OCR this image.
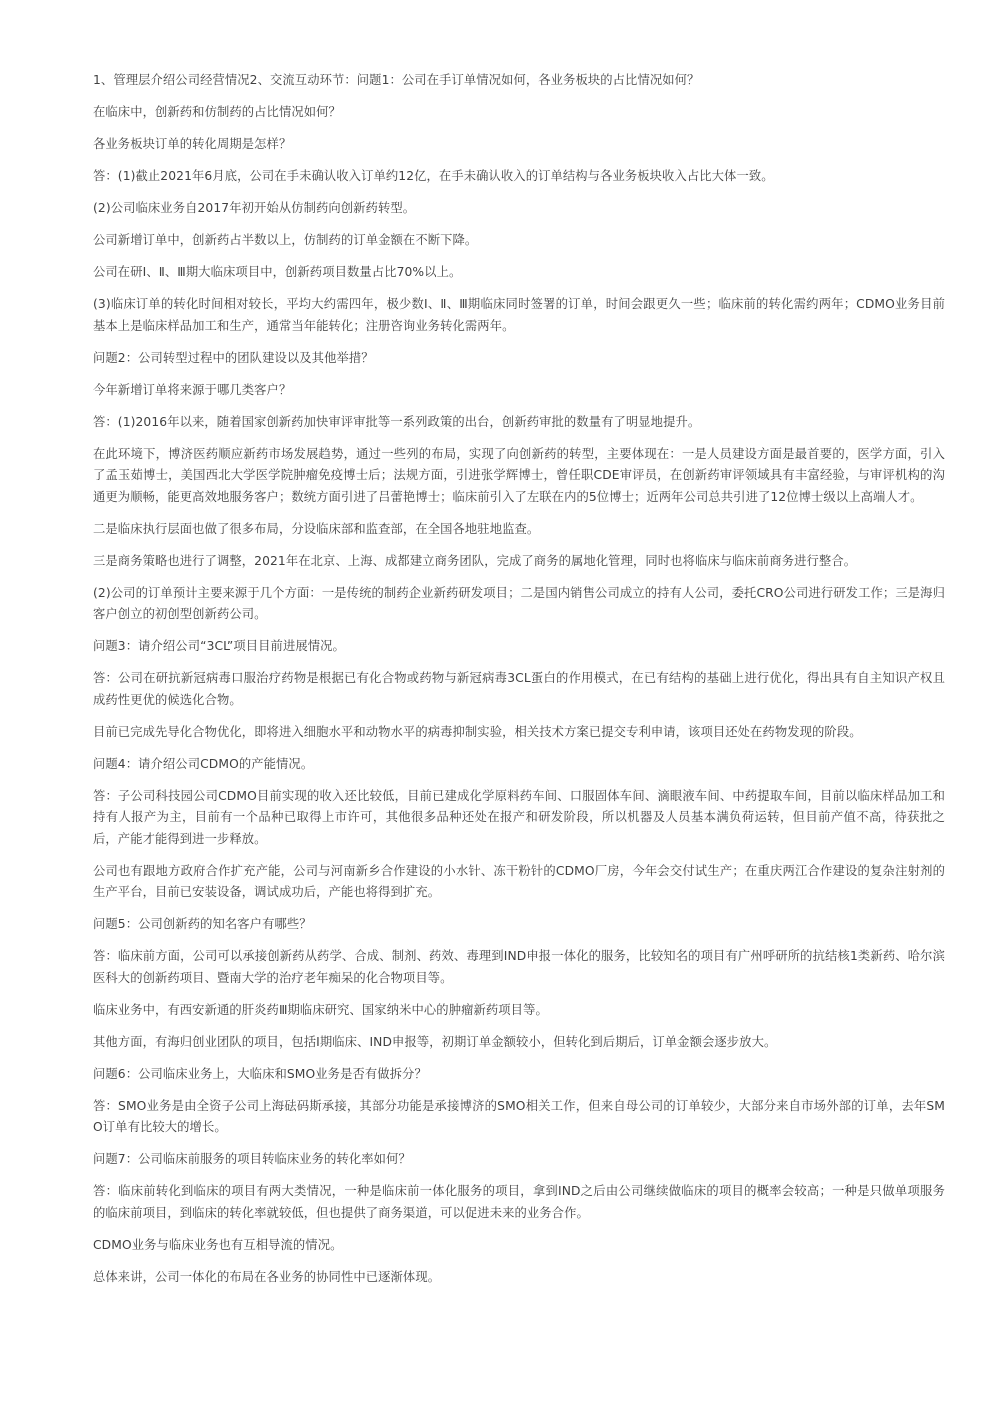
1、管理层介绍公司经营情况2、交流互动环节：问题1：公司在手订单情况如何，各业务板块的占比情况如何？

在临床中，创新药和仿制药的占比情况如何？

各业务板块订单的转化周期是怎样？

答：(1)截止2021年6月底，公司在手未确认收入订单约12亿，在手未确认收入的订单结构与各业务板块收入占比大体一致。

(2)公司临床业务自2017年初开始从仿制药向创新药转型。

公司新增订单中，创新药占半数以上，仿制药的订单金额在不断下降。

公司在研Ⅰ、Ⅱ、Ⅲ期大临床项目中，创新药项目数量占比70%以上。

(3)临床订单的转化时间相对较长，平均大约需四年，极少数Ⅰ、Ⅱ、Ⅲ期临床同时签署的订单，时间会跟更久一些；临床前的转化需约两年；CDMO业务目前基本上是临床样品加工和生产，通常当年能转化；注册咨询业务转化需两年。

问题2：公司转型过程中的团队建设以及其他举措？

今年新增订单将来源于哪几类客户？

答：(1)2016年以来，随着国家创新药加快审评审批等一系列政策的出台，创新药审批的数量有了明显地提升。

在此环境下，博济医药顺应新药市场发展趋势，通过一些列的布局，实现了向创新药的转型，主要体现在：一是人员建设方面是最首要的，医学方面，引入了孟玉茹博士，美国西北大学医学院肿瘤免疫博士后；法规方面，引进张学辉博士，曾任职CDE审评员，在创新药审评领域具有丰富经验，与审评机构的沟通更为顺畅，能更高效地服务客户；数统方面引进了吕蕾艳博士；临床前引入了左联在内的5位博士；近两年公司总共引进了12位博士级以上高端人才。

二是临床执行层面也做了很多布局，分设临床部和监查部，在全国各地驻地监查。

三是商务策略也进行了调整，2021年在北京、上海、成都建立商务团队，完成了商务的属地化管理，同时也将临床与临床前商务进行整合。

(2)公司的订单预计主要来源于几个方面：一是传统的制药企业新药研发项目；二是国内销售公司成立的持有人公司，委托CRO公司进行研发工作；三是海归客户创立的初创型创新药公司。

问题3：请介绍公司“3CL”项目目前进展情况。

答：公司在研抗新冠病毒口服治疗药物是根据已有化合物或药物与新冠病毒3CL蛋白的作用模式，在已有结构的基础上进行优化，得出具有自主知识产权且成药性更优的候选化合物。

目前已完成先导化合物优化，即将进入细胞水平和动物水平的病毒抑制实验，相关技术方案已提交专利申请，该项目还处在药物发现的阶段。

问题4：请介绍公司CDMO的产能情况。

答：子公司科技园公司CDMO目前实现的收入还比较低，目前已建成化学原料药车间、口服固体车间、滴眼液车间、中药提取车间，目前以临床样品加工和持有人报产为主，目前有一个品种已取得上市许可，其他很多品种还处在报产和研发阶段，所以机器及人员基本满负荷运转，但目前产值不高，待获批之后，产能才能得到进一步释放。

公司也有跟地方政府合作扩充产能，公司与河南新乡合作建设的小水针、冻干粉针的CDMO厂房，今年会交付试生产；在重庆两江合作建设的复杂注射剂的生产平台，目前已安装设备，调试成功后，产能也将得到扩充。

问题5：公司创新药的知名客户有哪些？

答：临床前方面，公司可以承接创新药从药学、合成、制剂、药效、毒理到IND申报一体化的服务，比较知名的项目有广州呼研所的抗结核1类新药、哈尔滨医科大的创新药项目、暨南大学的治疗老年痴呆的化合物项目等。

临床业务中，有西安新通的肝炎药Ⅲ期临床研究、国家纳米中心的肿瘤新药项目等。

其他方面，有海归创业团队的项目，包括Ⅰ期临床、IND申报等，初期订单金额较小，但转化到后期后，订单金额会逐步放大。

问题6：公司临床业务上，大临床和SMO业务是否有做拆分？

答：SMO业务是由全资子公司上海砝码斯承接，其部分功能是承接博济的SMO相关工作，但来自母公司的订单较少，大部分来自市场外部的订单，去年SMO订单有比较大的增长。

问题7：公司临床前服务的项目转临床业务的转化率如何？

答：临床前转化到临床的项目有两大类情况，一种是临床前一体化服务的项目，拿到IND之后由公司继续做临床的项目的概率会较高；一种是只做单项服务的临床前项目，到临床的转化率就较低，但也提供了商务渠道，可以促进未来的业务合作。

CDMO业务与临床业务也有互相导流的情况。

总体来讲，公司一体化的布局在各业务的协同性中已逐渐体现。
